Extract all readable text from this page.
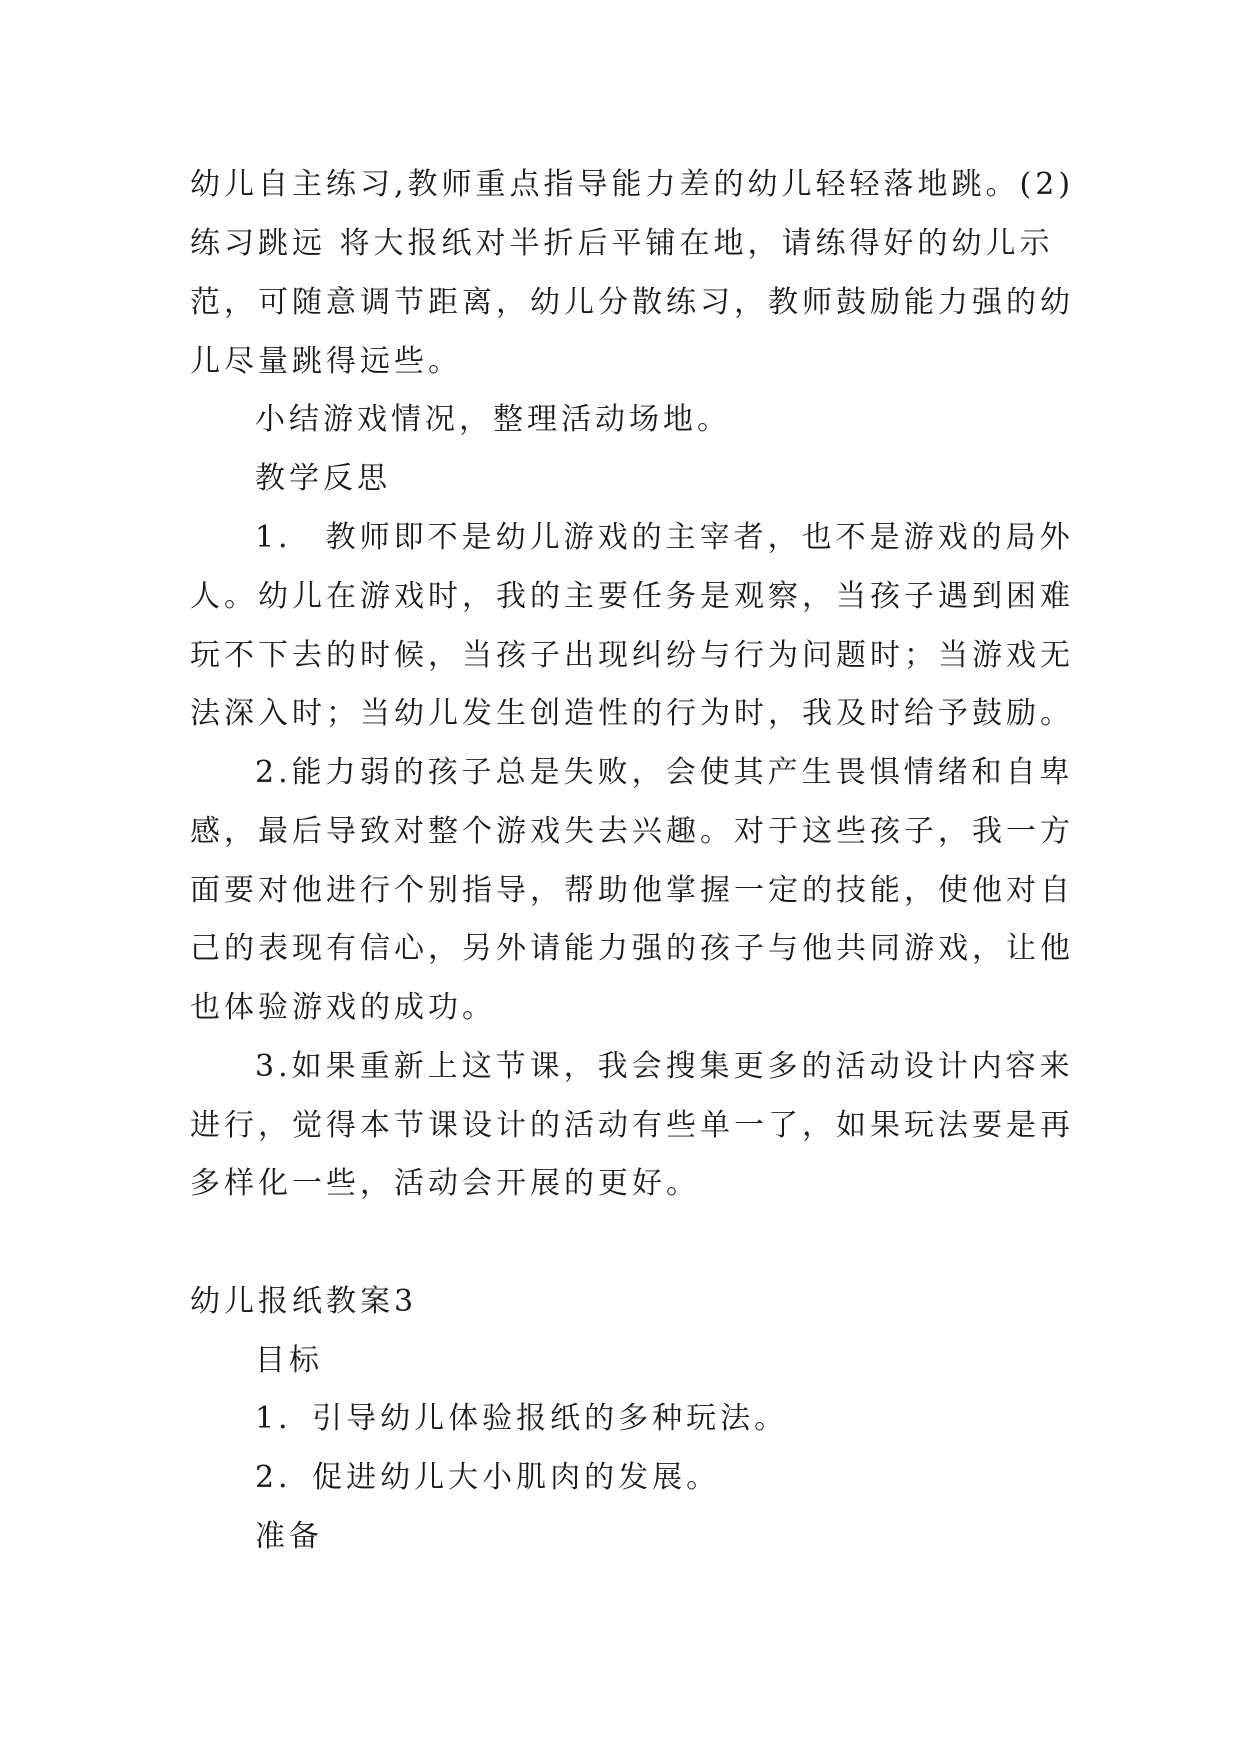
幼儿自主练习,教师重点指导能力差的幼儿轻轻落地跳。(2)
练习跳远 将大报纸对半折后平铺在地，请练得好的幼儿示
范，可随意调节距离，幼儿分散练习，教师鼓励能力强的幼
儿尽量跳得远些。
小结游戏情况，整理活动场地。
教学反思
1． 教师即不是幼儿游戏的主宰者，也不是游戏的局外
人。幼儿在游戏时，我的主要任务是观察，当孩子遇到困难
玩不下去的时候，当孩子出现纠纷与行为问题时；当游戏无
法深入时；当幼儿发生创造性的行为时，我及时给予鼓励。
2.能力弱的孩子总是失败，会使其产生畏惧情绪和自卑
感，最后导致对整个游戏失去兴趣。对于这些孩子，我一方
面要对他进行个别指导，帮助他掌握一定的技能，使他对自
己的表现有信心，另外请能力强的孩子与他共同游戏，让他
也体验游戏的成功。
3.如果重新上这节课，我会搜集更多的活动设计内容来
进行，觉得本节课设计的活动有些单一了，如果玩法要是再
多样化一些，活动会开展的更好。
幼儿报纸教案3
目标
1．引导幼儿体验报纸的多种玩法。
2．促进幼儿大小肌肉的发展。
准备
